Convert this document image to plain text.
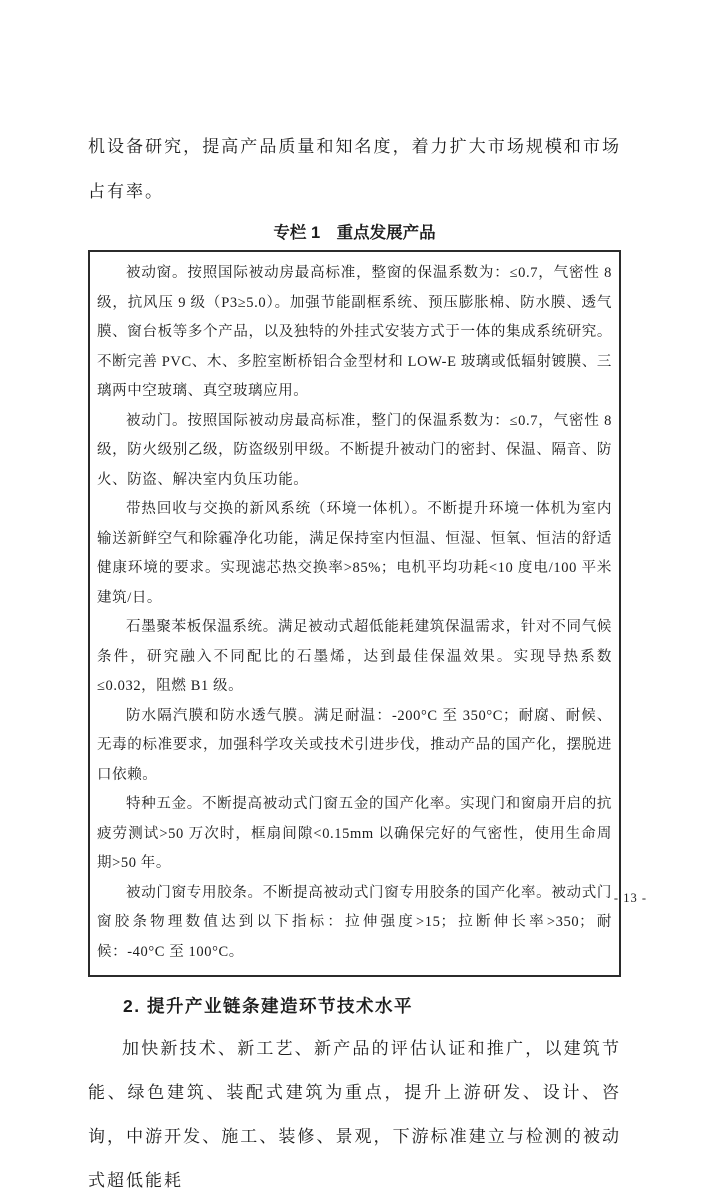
机设备研究，提高产品质量和知名度，着力扩大市场规模和市场占有率。

专栏 1　重点发展产品

被动窗。按照国际被动房最高标准，整窗的保温系数为：≤0.7，气密性 8 级，抗风压 9 级（P3≥5.0）。加强节能副框系统、预压膨胀棉、防水膜、透气膜、窗台板等多个产品，以及独特的外挂式安装方式于一体的集成系统研究。不断完善 PVC、木、多腔室断桥铝合金型材和 LOW-E 玻璃或低辐射镀膜、三璃两中空玻璃、真空玻璃应用。

被动门。按照国际被动房最高标准，整门的保温系数为：≤0.7，气密性 8 级，防火级别乙级，防盗级别甲级。不断提升被动门的密封、保温、隔音、防火、防盗、解决室内负压功能。

带热回收与交换的新风系统（环境一体机）。不断提升环境一体机为室内输送新鲜空气和除霾净化功能，满足保持室内恒温、恒湿、恒氧、恒洁的舒适健康环境的要求。实现滤芯热交换率>85%；电机平均功耗<10 度电/100 平米建筑/日。

石墨聚苯板保温系统。满足被动式超低能耗建筑保温需求，针对不同气候条件，研究融入不同配比的石墨烯，达到最佳保温效果。实现导热系数≤0.032，阻燃 B1 级。

防水隔汽膜和防水透气膜。满足耐温：-200°C 至 350°C；耐腐、耐候、无毒的标准要求，加强科学攻关或技术引进步伐，推动产品的国产化，摆脱进口依赖。

特种五金。不断提高被动式门窗五金的国产化率。实现门和窗扇开启的抗疲劳测试>50 万次时，框扇间隙<0.15mm 以确保完好的气密性，使用生命周期>50 年。

被动门窗专用胶条。不断提高被动式门窗专用胶条的国产化率。被动式门窗胶条物理数值达到以下指标：拉伸强度>15；拉断伸长率>350；耐候：-40°C 至 100°C。

2. 提升产业链条建造环节技术水平

加快新技术、新工艺、新产品的评估认证和推广，以建筑节能、绿色建筑、装配式建筑为重点，提升上游研发、设计、咨询，中游开发、施工、装修、景观，下游标准建立与检测的被动式超低能耗

- 13 -
